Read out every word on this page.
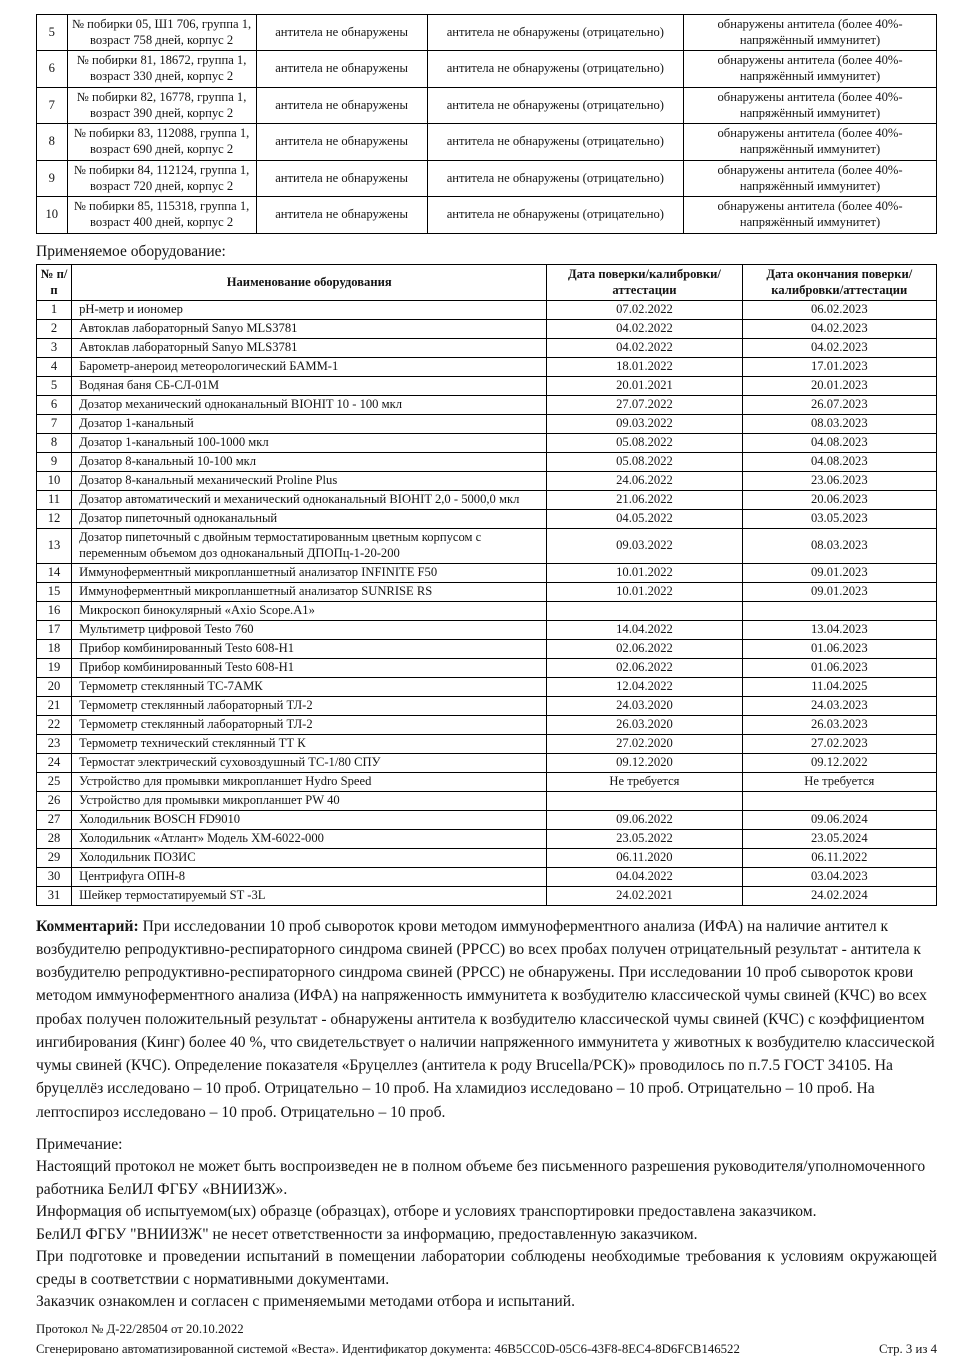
5	№ побирки 05, Ш1 706, группа 1, возраст 758 дней, корпус 2	антитела не обнаружены	антитела не обнаружены (отрицательно)	обнаружены антитела (более 40%-напряжённый иммунитет)
6	№ побирки 81, 18672, группа 1, возраст 330 дней, корпус 2	антитела не обнаружены	антитела не обнаружены (отрицательно)	обнаружены антитела (более 40%-напряжённый иммунитет)
7	№ побирки 82, 16778, группа 1, возраст 390 дней, корпус 2	антитела не обнаружены	антитела не обнаружены (отрицательно)	обнаружены антитела (более 40%-напряжённый иммунитет)
8	№ побирки 83, 112088, группа 1, возраст 690 дней, корпус 2	антитела не обнаружены	антитела не обнаружены (отрицательно)	обнаружены антитела (более 40%-напряжённый иммунитет)
9	№ побирки 84, 112124, группа 1, возраст 720 дней, корпус 2	антитела не обнаружены	антитела не обнаружены (отрицательно)	обнаружены антитела (более 40%-напряжённый иммунитет)
10	№ побирки 85, 115318, группа 1, возраст 400 дней, корпус 2	антитела не обнаружены	антитела не обнаружены (отрицательно)	обнаружены антитела (более 40%-напряжённый иммунитет)
Применяемое оборудование:
№ п/п	Наименование оборудования	Дата поверки/калибровки/аттестации	Дата окончания поверки/калибровки/аттестации
1	pH-метр и иономер	07.02.2022	06.02.2023
2	Автоклав лабораторный Sanyo MLS3781	04.02.2022	04.02.2023
3	Автоклав лабораторный Sanyo MLS3781	04.02.2022	04.02.2023
4	Барометр-анероид метеорологический БАММ-1	18.01.2022	17.01.2023
5	Водяная баня СБ-СЛ-01М	20.01.2021	20.01.2023
6	Дозатор механический одноканальный BIOHIT 10 - 100 мкл	27.07.2022	26.07.2023
7	Дозатор 1-канальный	09.03.2022	08.03.2023
8	Дозатор 1-канальный 100-1000 мкл	05.08.2022	04.08.2023
9	Дозатор 8-канальный 10-100 мкл	05.08.2022	04.08.2023
10	Дозатор 8-канальный механический Proline Plus	24.06.2022	23.06.2023
11	Дозатор автоматический и механический одноканальный BIOHIT 2,0 - 5000,0 мкл	21.06.2022	20.06.2023
12	Дозатор пипеточный одноканальный	04.05.2022	03.05.2023
13	Дозатор пипеточный с двойным термостатированным цветным корпусом с переменным объемом доз одноканальный ДПОПц-1-20-200	09.03.2022	08.03.2023
14	Иммуноферментный микропланшетный анализатор INFINITE F50	10.01.2022	09.01.2023
15	Иммуноферментный микропланшетный анализатор SUNRISE RS	10.01.2022	09.01.2023
16	Микроскоп бинокулярный «Axio Scope.A1»		
17	Мультиметр цифровой Testo 760	14.04.2022	13.04.2023
18	Прибор комбинированный Testo 608-H1	02.06.2022	01.06.2023
19	Прибор комбинированный Testo 608-H1	02.06.2022	01.06.2023
20	Термометр стеклянный ТС-7АМК	12.04.2022	11.04.2025
21	Термометр стеклянный лабораторный ТЛ-2	24.03.2020	24.03.2023
22	Термометр стеклянный лабораторный ТЛ-2	26.03.2020	26.03.2023
23	Термометр технический стеклянный ТТ К	27.02.2020	27.02.2023
24	Термостат электрический суховоздушный ТС-1/80 СПУ	09.12.2020	09.12.2022
25	Устройство для промывки микропланшет Hydro Speed	Не требуется	Не требуется
26	Устройство для промывки микропланшет PW 40		
27	Холодильник BOSCH FD9010	09.06.2022	09.06.2024
28	Холодильник «Атлант» Модель ХМ-6022-000	23.05.2022	23.05.2024
29	Холодильник ПОЗИС	06.11.2020	06.11.2022
30	Центрифуга ОПН-8	04.04.2022	03.04.2023
31	Шейкер термостатируемый ST -3L	24.02.2021	24.02.2024

Комментарий: При исследовании 10 проб сывороток крови методом иммуноферментного анализа (ИФА) на наличие антител к возбудителю репродуктивно-респираторного синдрома свиней (РРСС) во всех пробах получен отрицательный результат - антитела к возбудителю репродуктивно-респираторного синдрома свиней (РРСС) не обнаружены. При исследовании 10 проб сывороток крови методом иммуноферментного анализа (ИФА) на напряженность иммунитета к возбудителю классической чумы свиней (КЧС) во всех пробах получен положительный результат - обнаружены антитела к возбудителю классической чумы свиней (КЧС) с коэффициентом ингибирования (Кинг) более 40 %, что свидетельствует о наличии напряженного иммунитета у животных к возбудителю классической чумы свиней (КЧС). Определение показателя «Бруцеллез (антитела к роду Brucella/РСК)» проводилось по п.7.5 ГОСТ 34105. На бруцеллёз исследовано – 10 проб. Отрицательно – 10 проб. На хламидиоз исследовано – 10 проб. Отрицательно – 10 проб. На лептоспироз исследовано – 10 проб. Отрицательно – 10 проб.

Примечание:

Настоящий протокол не может быть воспроизведен не в полном объеме без письменного разрешения руководителя/уполномоченного работника БелИЛ ФГБУ «ВНИИЗЖ».

Информация об испытуемом(ых) образце (образцах), отборе и условиях транспортировки предоставлена заказчиком.

БелИЛ ФГБУ "ВНИИЗЖ" не несет ответственности за информацию, предоставленную заказчиком.

При подготовке и проведении испытаний в помещении лаборатории соблюдены необходимые требования к условиям окружающей среды в соответствии с нормативными документами.

Заказчик ознакомлен и согласен с применяемыми методами отбора и испытаний.

Протокол № Д-22/28504 от 20.10.2022
Сгенерировано автоматизированной системой «Веста». Идентификатор документа: 46B5CC0D-05C6-43F8-8EC4-8D6FCB146522	Стр. 3 из 4
